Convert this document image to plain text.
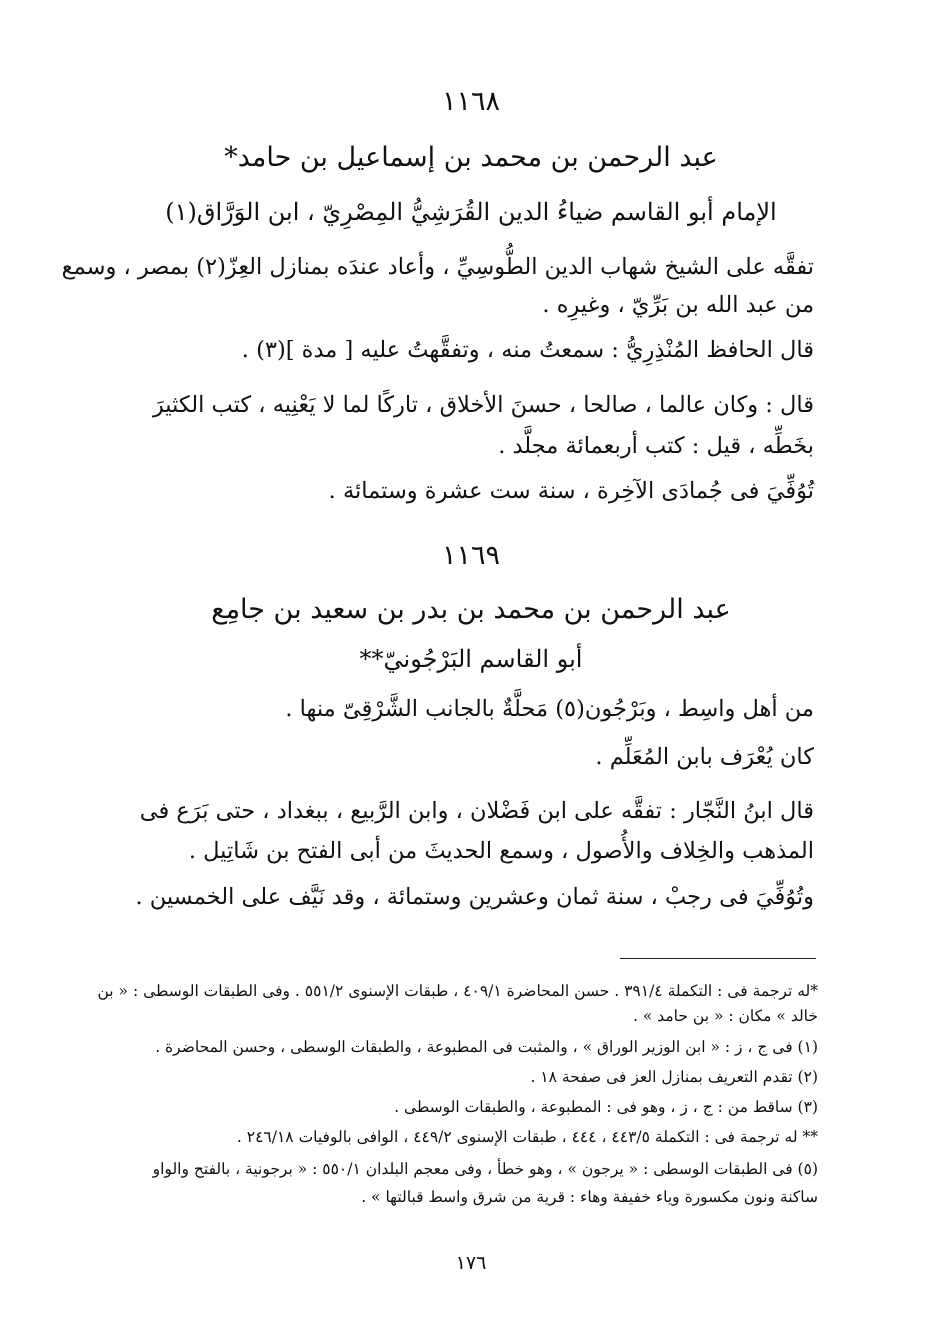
١١٦٨
عبد الرحمن بن محمد بن إسماعيل بن حامد*
الإمام أبو القاسم ضياءُ الدين القُرَشِيُّ المِصْرِيّ ، ابن الوَرَّاق(١)
تفقَّه على الشيخ شهاب الدين الطُّوسِيِّ ، وأعاد عندَه بمنازل العِزّ(٢) بمصر ، وسمع
من عبد الله بن بَرِّيّ ، وغيرِه .
قال الحافظ المُنْذِرِيُّ : سمعتُ منه ، وتفقَّهتُ عليه [ مدة ](٣) .
قال : وكان عالما ، صالحا ، حسنَ الأخلاق ، تاركًا لما لا يَعْنِيه ، كتب الكثيرَ
بخَطِّه ، قيل : كتب أربعمائة مجلَّد .
تُوُفِّيَ فى جُمادَى الآخِرة ، سنة ست عشرة وستمائة .
١١٦٩
عبد الرحمن بن محمد بن بدر بن سعيد بن جامِع
أبو القاسم البَرْجُونيّ**
من أهل واسِط ، وبَرْجُون(٥) مَحلَّةٌ بالجانب الشَّرْقِىّ منها .
كان يُعْرَف بابن المُعَلِّم .
قال ابنُ النَّجّار : تفقَّه على ابن فَضْلان ، وابن الرَّبيع ، ببغداد ، حتى بَرَع فى
المذهب والخِلاف والأُصول ، وسمع الحديثَ من أبى الفتح بن شَاتِيل .
وتُوُفِّيَ فى رجبْ ، سنة ثمان وعشرين وستمائة ، وقد نَيَّف على الخمسين .
*له ترجمة فى : التكملة ٣٩١/٤ . حسن المحاضرة ٤٠٩/١ ، طبقات الإسنوى ٥٥١/٢ . وفى الطبقات الوسطى : « بن
خالد » مكان : « بن حامد » .
(١) فى ج ، ز : « ابن الوزير الوراق » ، والمثبت فى المطبوعة ، والطبقات الوسطى ، وحسن المحاضرة .
(٢) تقدم التعريف بمنازل العز فى صفحة ١٨ .
(٣) ساقط من : ج ، ز ، وهو فى : المطبوعة ، والطبقات الوسطى .
** له ترجمة فى : التكملة ٤٤٣/٥ ، ٤٤٤ ، طبقات الإسنوى ٤٤٩/٢ ، الوافى بالوفيات ٢٤٦/١٨ .
(٥) فى الطبقات الوسطى : « يرجون » ، وهو خطأ ، وفى معجم البلدان ٥٥٠/١ : « برجونية ، بالفتح والواو
ساكنة ونون مكسورة وياء خفيفة وهاء : قرية من شرق واسط قبالتها » .
١٧٦
